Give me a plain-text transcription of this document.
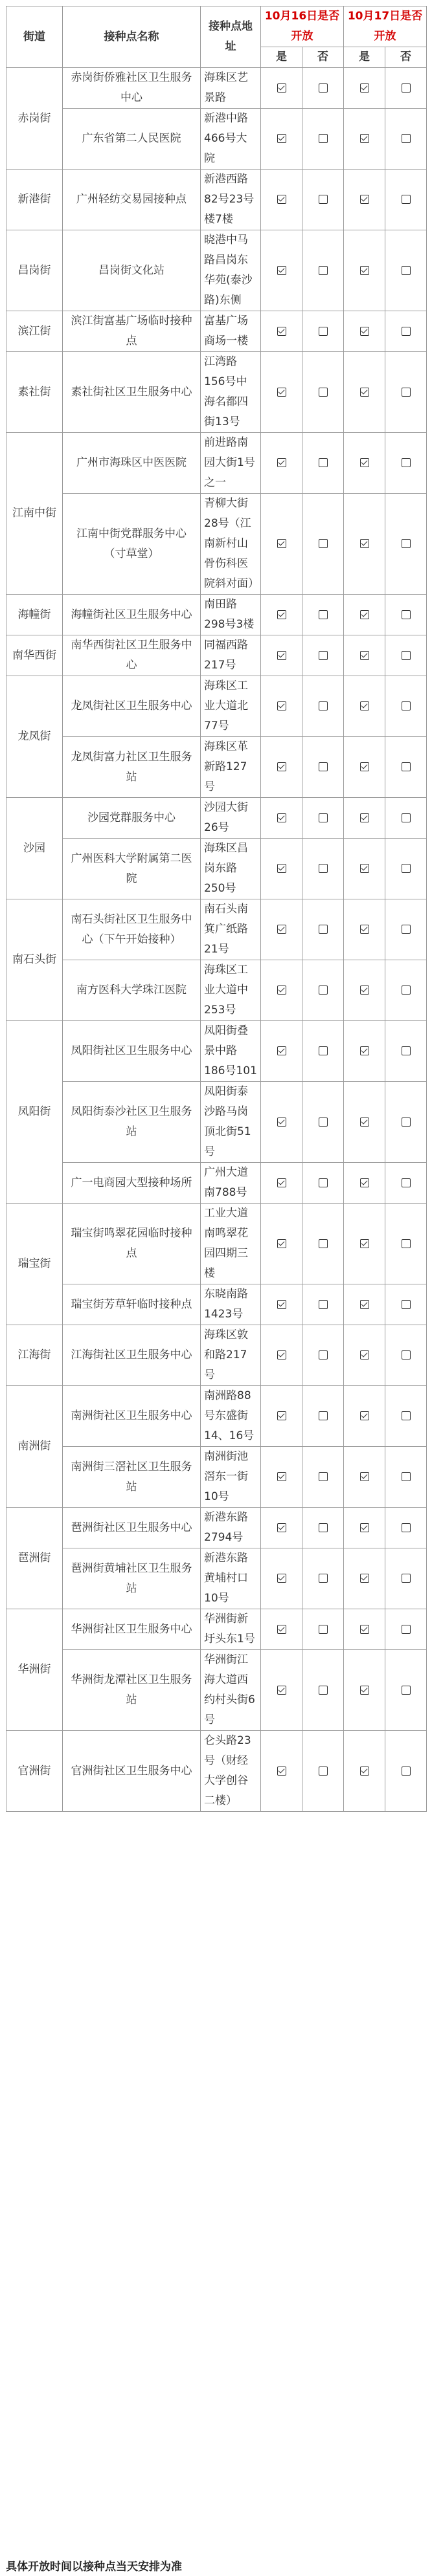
街道	接种点名称	接种点地址	10月16日是否开放		10月17日是否开放	
			是	否	是	否
赤岗街	赤岗街侨雅社区卫生服务中心	海珠区艺景路				
	广东省第二人民医院	新港中路466号大院				
新港街	广州轻纺交易园接种点	新港西路82号23号楼7楼				
昌岗街	昌岗街文化站	晓港中马路昌岗东华苑(泰沙路)东侧				
滨江街	滨江街富基广场临时接种点	富基广场商场一楼				
素社街	素社街社区卫生服务中心	江湾路156号中海名都四街13号				
江南中街	广州市海珠区中医医院	前进路南园大街1号之一				
	江南中街党群服务中心（寸草堂）	青柳大街28号（江南新村山骨伤科医院斜对面）				
海幢街	海幢街社区卫生服务中心	南田路298号3楼				
南华西街	南华西街社区卫生服务中心	同福西路217号				
龙凤街	龙凤街社区卫生服务中心	海珠区工业大道北77号				
	龙凤街富力社区卫生服务站	海珠区革新路127号				
沙园	沙园党群服务中心	沙园大街26号				
	广州医科大学附属第二医院	海珠区昌岗东路250号				
南石头街	南石头街社区卫生服务中心（下午开始接种）	南石头南箕广纸路21号				
	南方医科大学珠江医院	海珠区工业大道中253号				
凤阳街	凤阳街社区卫生服务中心	凤阳街叠景中路186号101				
	凤阳街泰沙社区卫生服务站	凤阳街泰沙路马岗顶北街51号				
	广一电商园大型接种场所	广州大道南788号				
瑞宝街	瑞宝街鸣翠花园临时接种点	工业大道南鸣翠花园四期三楼				
	瑞宝街芳草轩临时接种点	东晓南路1423号				
江海街	江海街社区卫生服务中心	海珠区敦和路217号				
南洲街	南洲街社区卫生服务中心	南洲路88号东盛街14、16号				
	南洲街三滘社区卫生服务站	南洲街池滘东一街10号				
琶洲街	琶洲街社区卫生服务中心	新港东路2794号				
	琶洲街黄埔社区卫生服务站	新港东路黄埔村口10号				
华洲街	华洲街社区卫生服务中心	华洲街新圩头东1号				
	华洲街龙潭社区卫生服务站	华洲街江海大道西约村头街6号				
官洲街	官洲街社区卫生服务中心	仑头路23号（财经大学创谷二楼）				
具体开放时间以接种点当天安排为准
